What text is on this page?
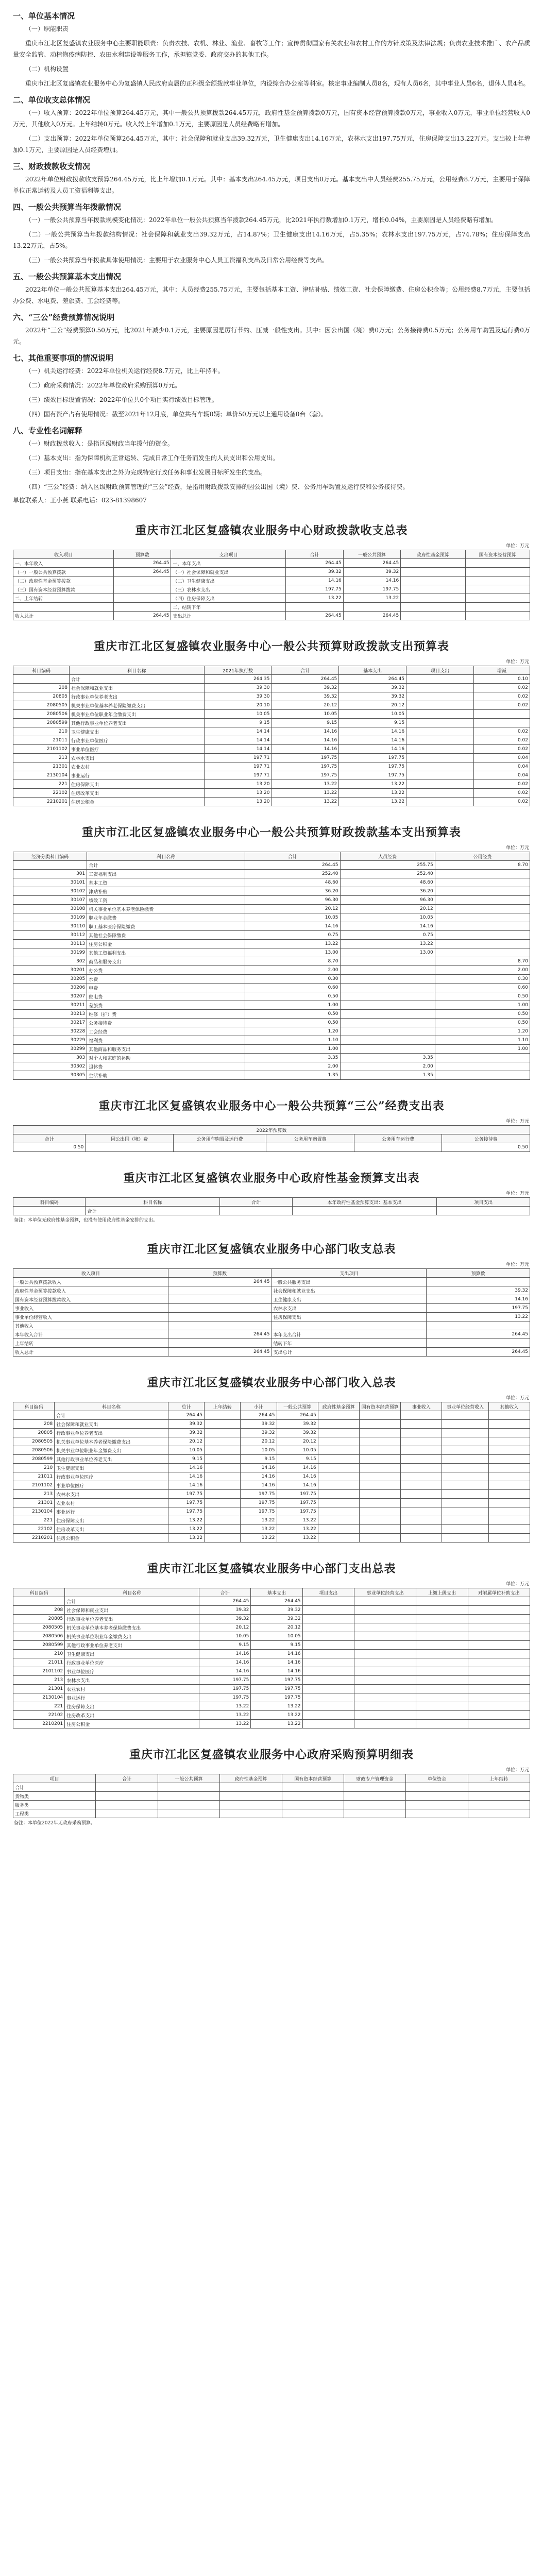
一、单位基本情况

（一）职能职责

重庆市江北区复盛镇农业服务中心主要职能职责：负责农技、农机、林业、渔业、畜牧等工作；宣传贯彻国家有关农业和农村工作的方针政策及法律法规；负责农业技术推广、农产品质量安全监管、动植物疫病防控、农田水利建设等服务工作，承担镇党委、政府交办的其他工作。

（二）机构设置

重庆市江北区复盛镇农业服务中心为复盛镇人民政府直属的正科级全额拨款事业单位，内设综合办公室等科室。核定事业编制人员8名，现有人员6名，其中事业人员6名，退休人员4名。

二、单位收支总体情况

（一）收入预算：2022年单位预算264.45万元，其中一般公共预算拨款264.45万元，政府性基金预算拨款0万元，国有资本经营预算拨款0万元，事业收入0万元，事业单位经营收入0万元，其他收入0万元。上年结转0万元。收入较上年增加0.1万元，主要原因是人员经费略有增加。

（二）支出预算：2022年单位预算264.45万元，其中：社会保障和就业支出39.32万元，卫生健康支出14.16万元，农林水支出197.75万元，住房保障支出13.22万元。支出较上年增加0.1万元，主要原因是人员经费增加。

三、财政拨款收支情况

2022年单位财政拨款收支预算264.45万元，比上年增加0.1万元。其中：基本支出264.45万元，项目支出0万元。基本支出中人员经费255.75万元，公用经费8.7万元，主要用于保障单位正常运转及人员工资福利等支出。

四、一般公共预算当年拨款情况

（一）一般公共预算当年拨款规模变化情况：2022年单位一般公共预算当年拨款264.45万元，比2021年执行数增加0.1万元，增长0.04%，主要原因是人员经费略有增加。

（二）一般公共预算当年拨款结构情况：社会保障和就业支出39.32万元，占14.87%；卫生健康支出14.16万元，占5.35%；农林水支出197.75万元，占74.78%；住房保障支出13.22万元，占5%。

（三）一般公共预算当年拨款具体使用情况：主要用于农业服务中心人员工资福利支出及日常公用经费等支出。

五、一般公共预算基本支出情况

2022年单位一般公共预算基本支出264.45万元，其中：人员经费255.75万元，主要包括基本工资、津贴补贴、绩效工资、社会保障缴费、住房公积金等；公用经费8.7万元，主要包括办公费、水电费、差旅费、工会经费等。

六、“三公”经费预算情况说明

2022年“三公”经费预算0.50万元，比2021年减少0.1万元，主要原因是厉行节约、压减一般性支出。其中：因公出国（境）费0万元；公务接待费0.5万元；公务用车购置及运行费0万元。

七、其他重要事项的情况说明

（一）机关运行经费：2022年单位机关运行经费8.7万元，比上年持平。

（二）政府采购情况：2022年单位政府采购预算0万元。

（三）绩效目标设置情况：2022年单位共0个项目实行绩效目标管理。

（四）国有资产占有使用情况：截至2021年12月底，单位共有车辆0辆；单价50万元以上通用设备0台（套）。

八、专业性名词解释

（一）财政拨款收入：是指区级财政当年拨付的资金。

（二）基本支出：指为保障机构正常运转、完成日常工作任务而发生的人员支出和公用支出。

（三）项目支出：指在基本支出之外为完成特定行政任务和事业发展目标所发生的支出。

（四）“三公”经费：纳入区级财政预算管理的“三公”经费，是指用财政拨款安排的因公出国（境）费、公务用车购置及运行费和公务接待费。

单位联系人：王小燕 联系电话：023-81398607
重庆市江北区复盛镇农业服务中心财政拨款收支总表
单位：万元
收入项目	预算数	支出项目	合计	一般公共预算	政府性基金预算	国有资本经营预算
一、本年收入	264.45	一、本年支出	264.45	264.45		
（一）一般公共预算拨款	264.45	（一）社会保障和就业支出	39.32	39.32		
（二）政府性基金预算拨款		（二）卫生健康支出	14.16	14.16		
（三）国有资本经营预算拨款		（三）农林水支出	197.75	197.75		
二、上年结转		（四）住房保障支出	13.22	13.22		
		二、结转下年				
收入总计	264.45	支出总计	264.45	264.45		
重庆市江北区复盛镇农业服务中心一般公共预算财政拨款支出预算表
单位：万元
科目编码	科目名称	2021年执行数	合计	基本支出	项目支出	增减
	合计	264.35	264.45	264.45		0.10
208	社会保障和就业支出	39.30	39.32	39.32		0.02
20805	行政事业单位养老支出	39.30	39.32	39.32		0.02
2080505	机关事业单位基本养老保险缴费支出	20.10	20.12	20.12		0.02
2080506	机关事业单位职业年金缴费支出	10.05	10.05	10.05		
2080599	其他行政事业单位养老支出	9.15	9.15	9.15		
210	卫生健康支出	14.14	14.16	14.16		0.02
21011	行政事业单位医疗	14.14	14.16	14.16		0.02
2101102	事业单位医疗	14.14	14.16	14.16		0.02
213	农林水支出	197.71	197.75	197.75		0.04
21301	农业农村	197.71	197.75	197.75		0.04
2130104	事业运行	197.71	197.75	197.75		0.04
221	住房保障支出	13.20	13.22	13.22		0.02
22102	住房改革支出	13.20	13.22	13.22		0.02
2210201	住房公积金	13.20	13.22	13.22		0.02
重庆市江北区复盛镇农业服务中心一般公共预算财政拨款基本支出预算表
单位：万元
经济分类科目编码	科目名称	合计	人员经费	公用经费
	合计	264.45	255.75	8.70
301	工资福利支出	252.40	252.40	
30101	基本工资	48.60	48.60	
30102	津贴补贴	36.20	36.20	
30107	绩效工资	96.30	96.30	
30108	机关事业单位基本养老保险缴费	20.12	20.12	
30109	职业年金缴费	10.05	10.05	
30110	职工基本医疗保险缴费	14.16	14.16	
30112	其他社会保障缴费	0.75	0.75	
30113	住房公积金	13.22	13.22	
30199	其他工资福利支出	13.00	13.00	
302	商品和服务支出	8.70		8.70
30201	办公费	2.00		2.00
30205	水费	0.30		0.30
30206	电费	0.60		0.60
30207	邮电费	0.50		0.50
30211	差旅费	1.00		1.00
30213	维修（护）费	0.50		0.50
30217	公务接待费	0.50		0.50
30228	工会经费	1.20		1.20
30229	福利费	1.10		1.10
30299	其他商品和服务支出	1.00		1.00
303	对个人和家庭的补助	3.35	3.35	
30302	退休费	2.00	2.00	
30305	生活补助	1.35	1.35	
重庆市江北区复盛镇农业服务中心一般公共预算“三公”经费支出表
单位：万元
2022年预算数					
合计	因公出国（境）费	公务用车购置及运行费	公务用车购置费	公务用车运行费	公务接待费
0.50					0.50
重庆市江北区复盛镇农业服务中心政府性基金预算支出表
单位：万元
科目编码	科目名称	合计	本年政府性基金预算支出：基本支出	项目支出
	合计			
备注：本单位无政府性基金预算，也没有使用政府性基金安排的支出。
重庆市江北区复盛镇农业服务中心部门收支总表
单位：万元
收入项目	预算数	支出项目	预算数
一般公共预算拨款收入	264.45	一般公共服务支出	
政府性基金预算拨款收入		社会保障和就业支出	39.32
国有资本经营预算拨款收入		卫生健康支出	14.16
事业收入		农林水支出	197.75
事业单位经营收入		住房保障支出	13.22
其他收入			
本年收入合计	264.45	本年支出合计	264.45
上年结转		结转下年	
收入总计	264.45	支出总计	264.45
重庆市江北区复盛镇农业服务中心部门收入总表
单位：万元
科目编码	科目名称	总计	上年结转	小计	一般公共预算	政府性基金预算	国有资本经营预算	事业收入	事业单位经营收入	其他收入
	合计	264.45		264.45	264.45					
208	社会保障和就业支出	39.32		39.32	39.32					
20805	行政事业单位养老支出	39.32		39.32	39.32					
2080505	机关事业单位基本养老保险缴费支出	20.12		20.12	20.12					
2080506	机关事业单位职业年金缴费支出	10.05		10.05	10.05					
2080599	其他行政事业单位养老支出	9.15		9.15	9.15					
210	卫生健康支出	14.16		14.16	14.16					
21011	行政事业单位医疗	14.16		14.16	14.16					
2101102	事业单位医疗	14.16		14.16	14.16					
213	农林水支出	197.75		197.75	197.75					
21301	农业农村	197.75		197.75	197.75					
2130104	事业运行	197.75		197.75	197.75					
221	住房保障支出	13.22		13.22	13.22					
22102	住房改革支出	13.22		13.22	13.22					
2210201	住房公积金	13.22		13.22	13.22					
重庆市江北区复盛镇农业服务中心部门支出总表
单位：万元
科目编码	科目名称	合计	基本支出	项目支出	事业单位经营支出	上缴上级支出	对附属单位补助支出
	合计	264.45	264.45				
208	社会保障和就业支出	39.32	39.32				
20805	行政事业单位养老支出	39.32	39.32				
2080505	机关事业单位基本养老保险缴费支出	20.12	20.12				
2080506	机关事业单位职业年金缴费支出	10.05	10.05				
2080599	其他行政事业单位养老支出	9.15	9.15				
210	卫生健康支出	14.16	14.16				
21011	行政事业单位医疗	14.16	14.16				
2101102	事业单位医疗	14.16	14.16				
213	农林水支出	197.75	197.75				
21301	农业农村	197.75	197.75				
2130104	事业运行	197.75	197.75				
221	住房保障支出	13.22	13.22				
22102	住房改革支出	13.22	13.22				
2210201	住房公积金	13.22	13.22				
重庆市江北区复盛镇农业服务中心政府采购预算明细表
单位：万元
项目	合计	一般公共预算	政府性基金预算	国有资本经营预算	财政专户管理资金	单位资金	上年结转
合计							
货物类							
服务类							
工程类							
备注：本单位2022年无政府采购预算。
